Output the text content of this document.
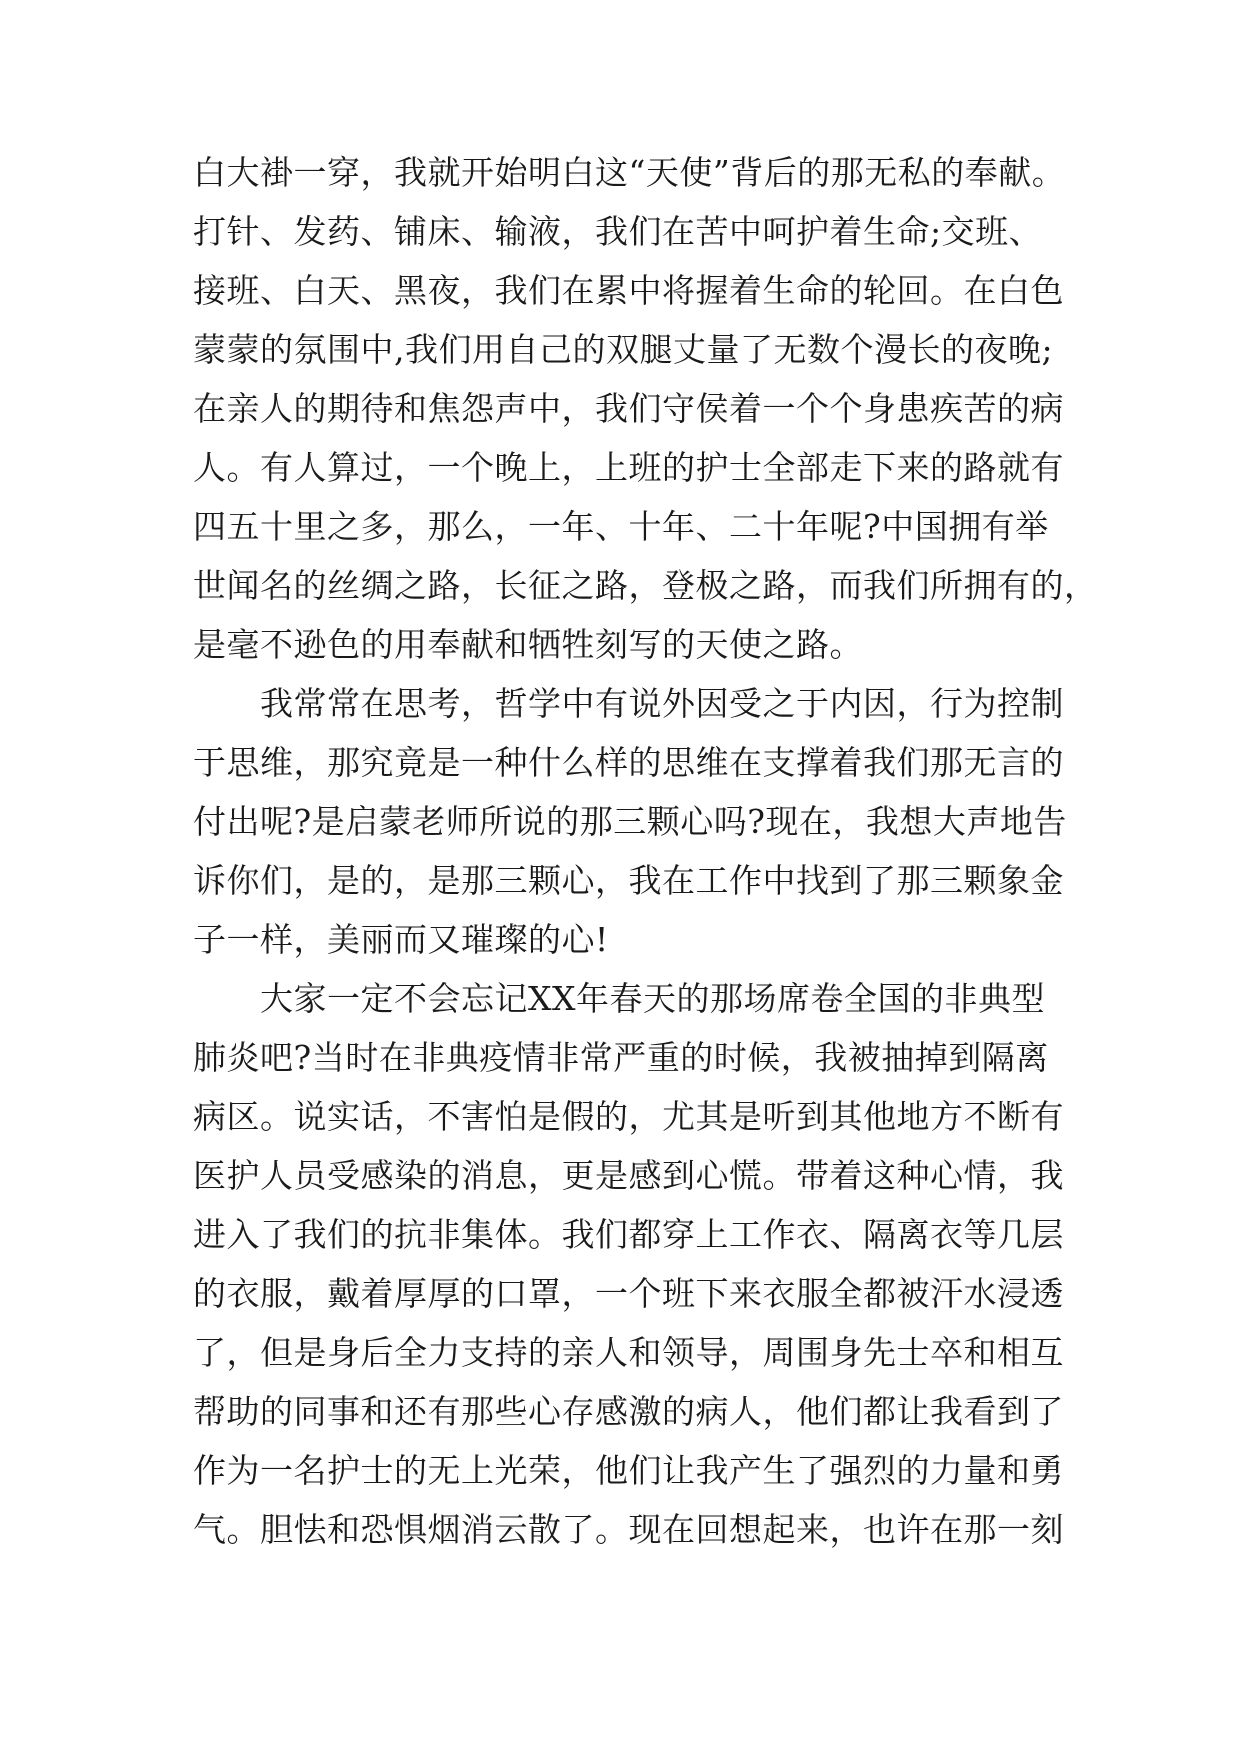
白大褂一穿，我就开始明白这“天使”背后的那无私的奉献。
打针、发药、铺床、输液，我们在苦中呵护着生命;交班、
接班、白天、黑夜，我们在累中将握着生命的轮回。在白色
蒙蒙的氛围中,我们用自己的双腿丈量了无数个漫长的夜晚;
在亲人的期待和焦怨声中，我们守侯着一个个身患疾苦的病
人。有人算过，一个晚上，上班的护士全部走下来的路就有
四五十里之多，那么，一年、十年、二十年呢?中国拥有举
世闻名的丝绸之路，长征之路，登极之路，而我们所拥有的，
是毫不逊色的用奉献和牺牲刻写的天使之路。
　　我常常在思考，哲学中有说外因受之于内因，行为控制
于思维，那究竟是一种什么样的思维在支撑着我们那无言的
付出呢?是启蒙老师所说的那三颗心吗?现在，我想大声地告
诉你们，是的，是那三颗心，我在工作中找到了那三颗象金
子一样，美丽而又璀璨的心!
　　大家一定不会忘记XX年春天的那场席卷全国的非典型
肺炎吧?当时在非典疫情非常严重的时候，我被抽掉到隔离
病区。说实话，不害怕是假的，尤其是听到其他地方不断有
医护人员受感染的消息，更是感到心慌。带着这种心情，我
进入了我们的抗非集体。我们都穿上工作衣、隔离衣等几层
的衣服，戴着厚厚的口罩，一个班下来衣服全都被汗水浸透
了，但是身后全力支持的亲人和领导，周围身先士卒和相互
帮助的同事和还有那些心存感激的病人，他们都让我看到了
作为一名护士的无上光荣，他们让我产生了强烈的力量和勇
气。胆怯和恐惧烟消云散了。现在回想起来，也许在那一刻
